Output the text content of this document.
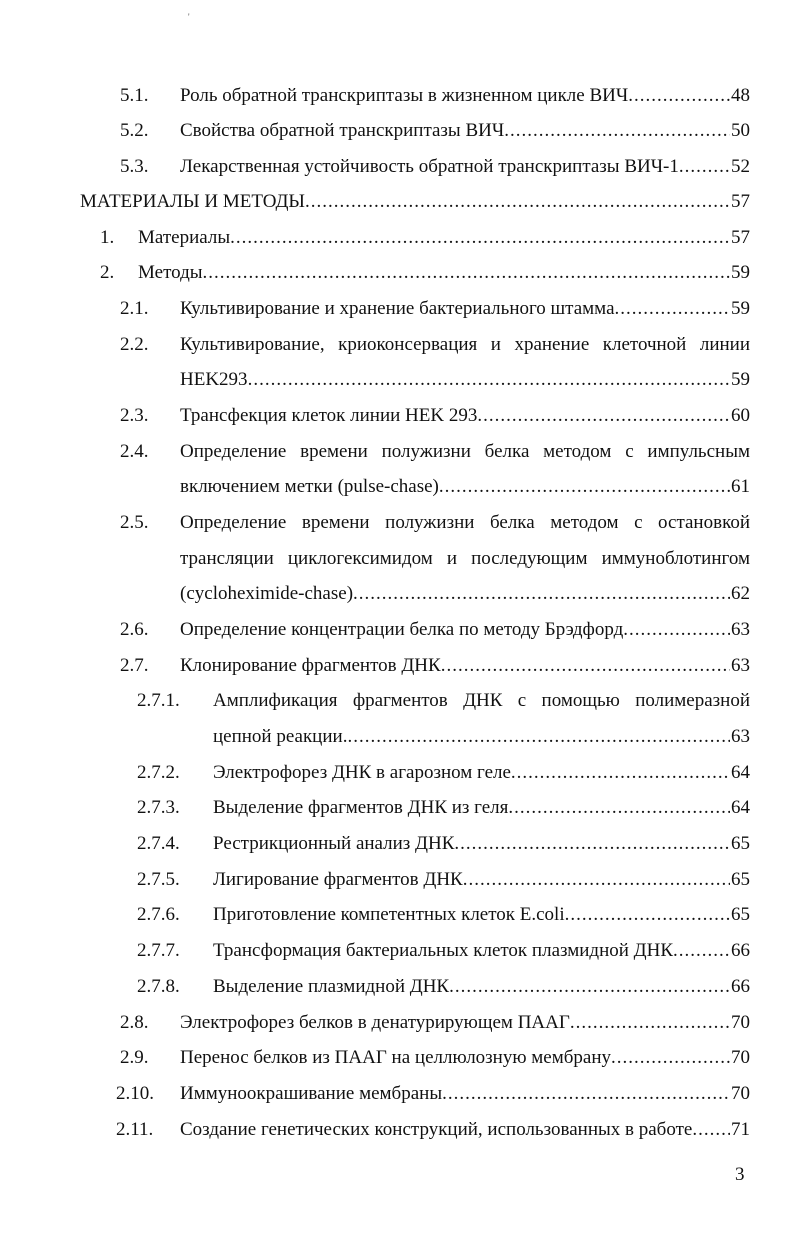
'
5.1. Роль обратной транскриптазы в жизненном цикле ВИЧ .....	48
5.2. Свойства обратной транскриптазы ВИЧ .....	50
5.3. Лекарственная устойчивость обратной транскриптазы ВИЧ-1 .....	52
МАТЕРИАЛЫ И МЕТОДЫ .....	57
1. Материалы .....	57
2. Методы .....	59
2.1. Культивирование и хранение бактериального штамма .....	59
2.2. Культивирование, криоконсервация и хранение клеточной линии
HEK293 .....	59
2.3. Трансфекция клеток линии HEK 293 .....	60
2.4. Определение времени полужизни белка методом с импульсным
включением метки (pulse-chase) .....	61
2.5. Определение времени полужизни белка методом с остановкой
трансляции циклогексимидом и последующим иммуноблотингом
(cycloheximide-chase) .....	62
2.6. Определение концентрации белка по методу Брэдфорд .....	63
2.7. Клонирование фрагментов ДНК .....	63
2.7.1. Амплификация фрагментов ДНК с помощью полимеразной
цепной реакции. .....	63
2.7.2. Электрофорез ДНК в агарозном геле .....	64
2.7.3. Выделение фрагментов ДНК из геля .....	64
2.7.4. Рестрикционный анализ ДНК .....	65
2.7.5. Лигирование фрагментов ДНК .....	65
2.7.6. Приготовление компетентных клеток E.coli .....	65
2.7.7. Трансформация бактериальных клеток плазмидной ДНК .....	66
2.7.8. Выделение плазмидной ДНК .....	66
2.8. Электрофорез белков в денатурирующем ПААГ .....	70
2.9. Перенос белков из ПААГ на целлюлозную мембрану .....	70
2.10. Иммуноокрашивание мембраны .....	70
2.11. Создание генетических конструкций, использованных в работе ..... 71
3
